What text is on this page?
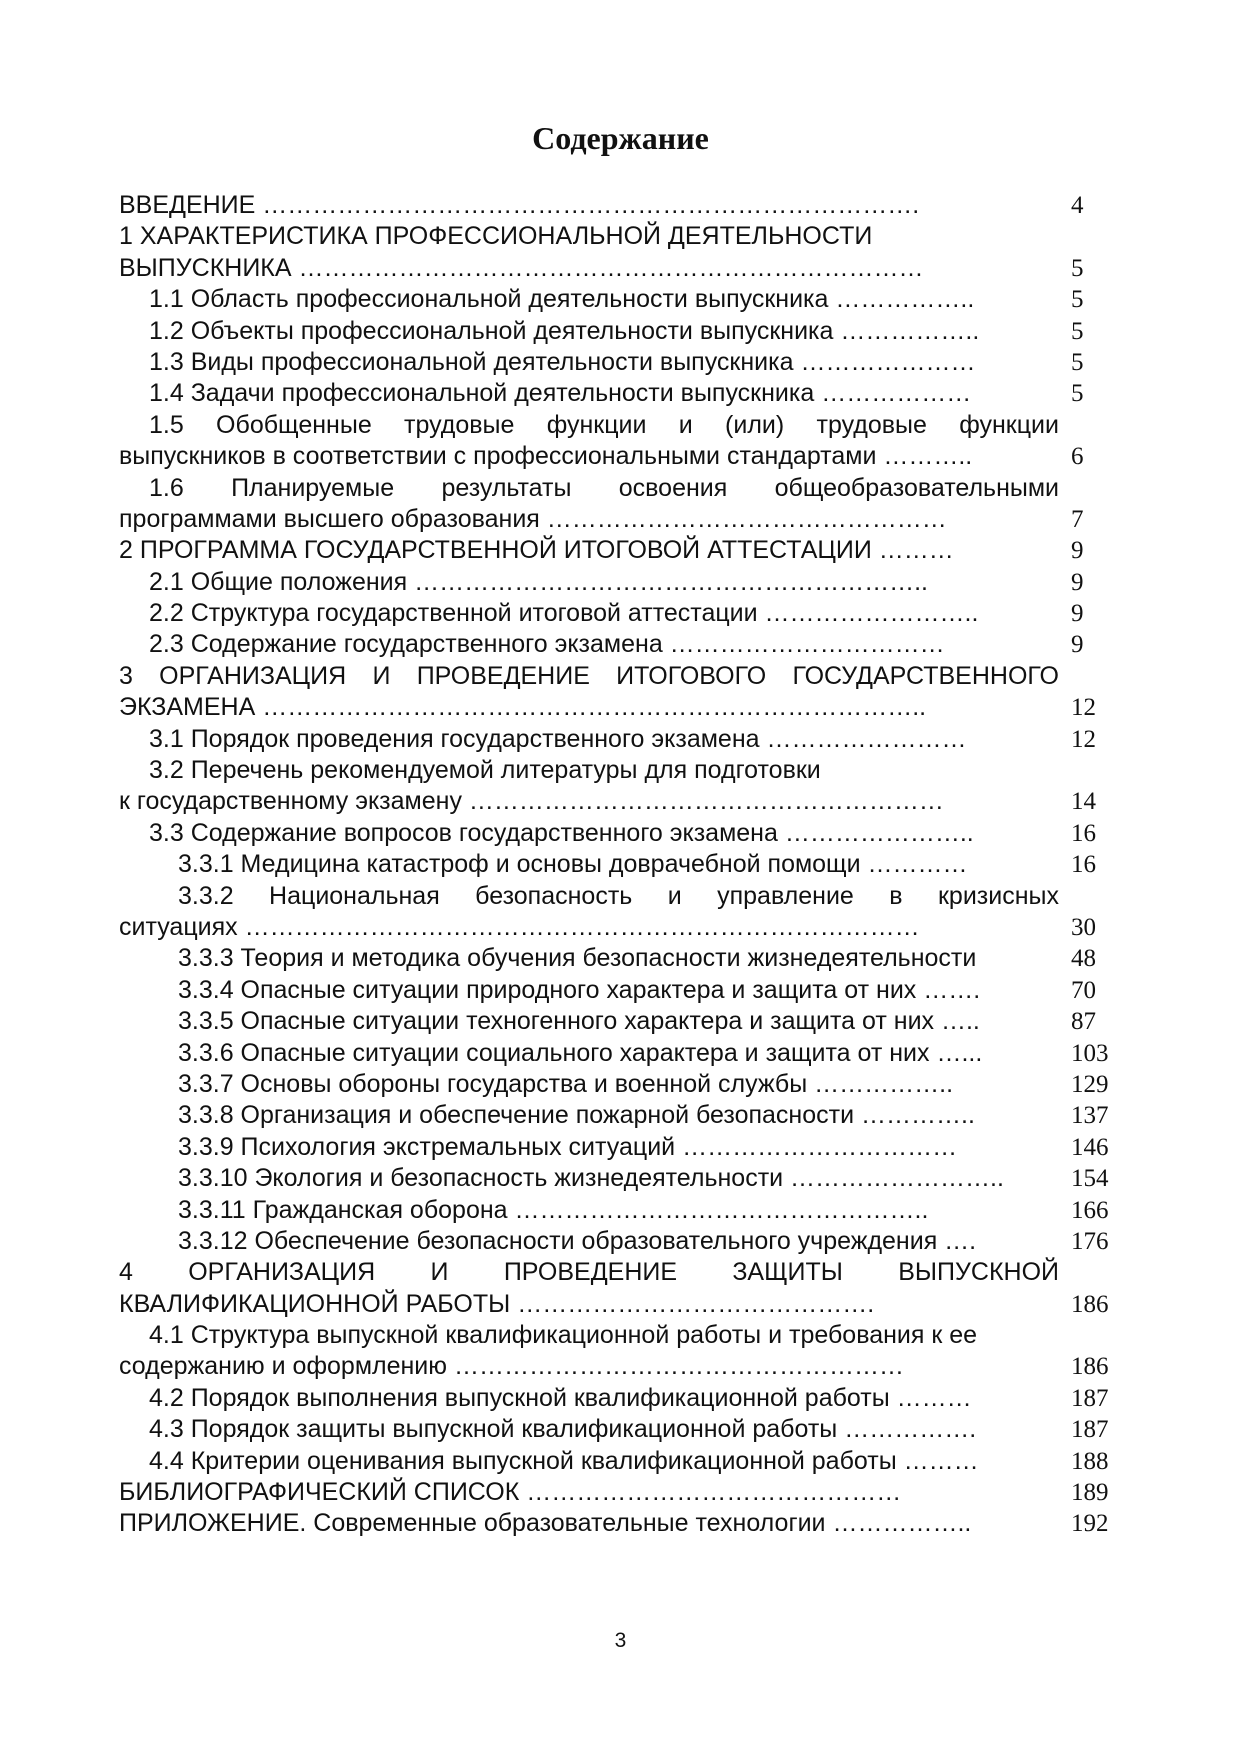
Содержание
ВВЕДЕНИЕ …………………………………………………………………….	4
1 ХАРАКТЕРИСТИКА ПРОФЕССИОНАЛЬНОЙ ДЕЯТЕЛЬНОСТИ
ВЫПУСКНИКА …………………………………………………………………	5
1.1 Область профессиональной деятельности выпускника ……………..	5
1.2 Объекты профессиональной деятельности выпускника ……………..	5
1.3 Виды профессиональной деятельности выпускника …………………	5
1.4 Задачи профессиональной деятельности выпускника ………………	5
1.5 Обобщенные трудовые функции и (или) трудовые функции
выпускников в соответствии с профессиональными стандартами ………..	6
1.6 Планируемые результаты освоения общеобразовательными
программами высшего образования …………………………………………	7
2 ПРОГРАММА ГОСУДАРСТВЕННОЙ ИТОГОВОЙ АТТЕСТАЦИИ ………	9
2.1 Общие положения ……………………………………………………..	9
2.2 Структура государственной итоговой аттестации ……………………..	9
2.3 Содержание государственного экзамена ……………………………	9
3 ОРГАНИЗАЦИЯ И ПРОВЕДЕНИЕ ИТОГОВОГО ГОСУДАРСТВЕННОГО
ЭКЗАМЕНА ……………………………………………………………………..	12
3.1 Порядок проведения государственного экзамена ……………………	12
3.2 Перечень рекомендуемой литературы для подготовки
к государственному экзамену …………………………………………………	14
3.3 Содержание вопросов государственного экзамена …………………..	16
3.3.1 Медицина катастроф и основы доврачебной помощи …………	16
3.3.2 Национальная безопасность и управление в кризисных
ситуациях ………………………………………………………………………	30
3.3.3 Теория и методика обучения безопасности жизнедеятельности	48
3.3.4 Опасные ситуации природного характера и защита от них …….	70
3.3.5 Опасные ситуации техногенного характера и защита от них …..	87
3.3.6 Опасные ситуации социального характера и защита от них …...	103
3.3.7 Основы обороны государства и военной службы ……………..	129
3.3.8 Организация и обеспечение пожарной безопасности …………..	137
3.3.9 Психология экстремальных ситуаций ……………………………	146
3.3.10 Экология и безопасность жизнедеятельности ……………………..	154
3.3.11 Гражданская оборона …………………………………………..	166
3.3.12 Обеспечение безопасности образовательного учреждения ….	176
4 ОРГАНИЗАЦИЯ И ПРОВЕДЕНИЕ ЗАЩИТЫ ВЫПУСКНОЙ
КВАЛИФИКАЦИОННОЙ РАБОТЫ …………………………………….	186
4.1 Структура выпускной квалификационной работы и требования к ее
содержанию и оформлению ………………………………………………	186
4.2 Порядок выполнения выпускной квалификационной работы ………	187
4.3 Порядок защиты выпускной квалификационной работы …………….	187
4.4 Критерии оценивания выпускной квалификационной работы ………	188
БИБЛИОГРАФИЧЕСКИЙ СПИСОК ………………………………………	189
ПРИЛОЖЕНИЕ. Современные образовательные технологии ……………..	192
3
